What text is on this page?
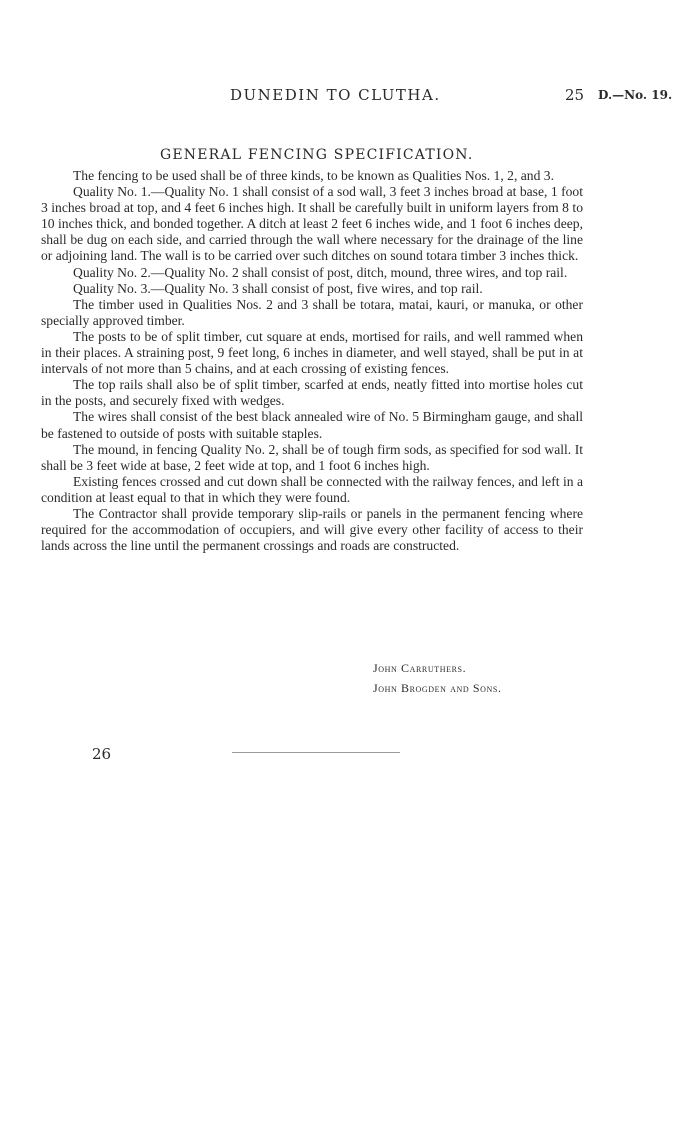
DUNEDIN TO CLUTHA.	25 D.—No. 19.
GENERAL FENCING SPECIFICATION.

The fencing to be used shall be of three kinds, to be known as Qualities Nos. 1, 2, and 3.

Quality No. 1.—Quality No. 1 shall consist of a sod wall, 3 feet 3 inches broad at base, 1 foot 3 inches broad at top, and 4 feet 6 inches high. It shall be carefully built in uniform layers from 8 to 10 inches thick, and bonded together. A ditch at least 2 feet 6 inches wide, and 1 foot 6 inches deep, shall be dug on each side, and carried through the wall where necessary for the drainage of the line or adjoining land. The wall is to be carried over such ditches on sound totara timber 3 inches thick.

Quality No. 2.—Quality No. 2 shall consist of post, ditch, mound, three wires, and top rail.

Quality No. 3.—Quality No. 3 shall consist of post, five wires, and top rail.

The timber used in Qualities Nos. 2 and 3 shall be totara, matai, kauri, or manuka, or other specially approved timber.

The posts to be of split timber, cut square at ends, mortised for rails, and well rammed when in their places. A straining post, 9 feet long, 6 inches in diameter, and well stayed, shall be put in at intervals of not more than 5 chains, and at each crossing of existing fences.

The top rails shall also be of split timber, scarfed at ends, neatly fitted into mortise holes cut in the posts, and securely fixed with wedges.

The wires shall consist of the best black annealed wire of No. 5 Birmingham gauge, and shall be fastened to outside of posts with suitable staples.

The mound, in fencing Quality No. 2, shall be of tough firm sods, as specified for sod wall. It shall be 3 feet wide at base, 2 feet wide at top, and 1 foot 6 inches high.

Existing fences crossed and cut down shall be connected with the railway fences, and left in a condition at least equal to that in which they were found.

The Contractor shall provide temporary slip-rails or panels in the permanent fencing where required for the accommodation of occupiers, and will give every other facility of access to their lands across the line until the permanent crossings and roads are constructed.

John Carruthers.
John Brogden and Sons.
26
